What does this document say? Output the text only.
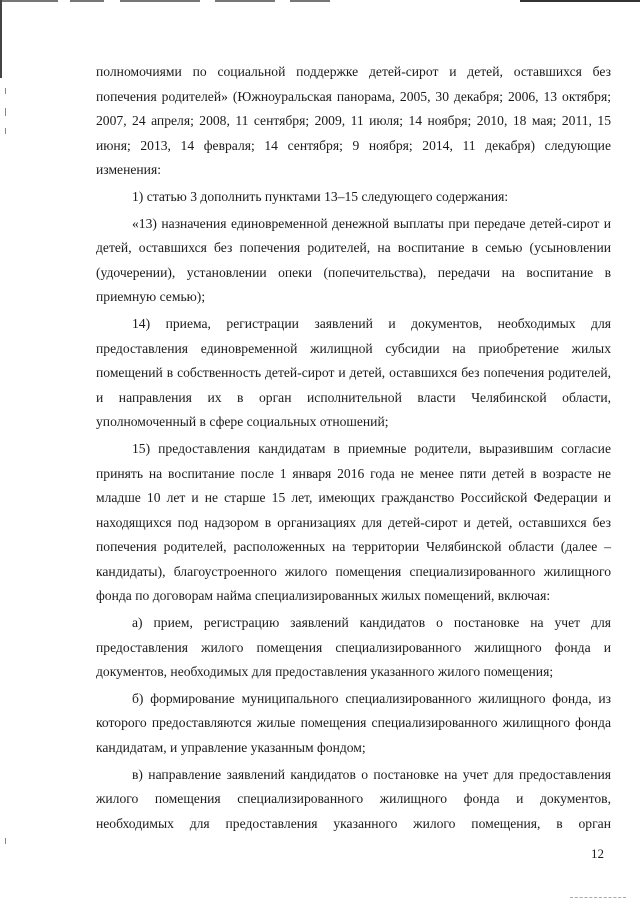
полномочиями по социальной поддержке детей-сирот и детей, оставшихся без попечения родителей» (Южноуральская панорама, 2005, 30 декабря; 2006, 13 октября; 2007, 24 апреля; 2008, 11 сентября; 2009, 11 июля; 14 ноября; 2010, 18 мая; 2011, 15 июня; 2013, 14 февраля; 14 сентября; 9 ноября; 2014, 11 декабря) следующие изменения:

1) статью 3 дополнить пунктами 13–15 следующего содержания:

«13) назначения единовременной денежной выплаты при передаче детей-сирот и детей, оставшихся без попечения родителей, на воспитание в семью (усыновлении (удочерении), установлении опеки (попечительства), передачи на воспитание в приемную семью);

14) приема, регистрации заявлений и документов, необходимых для предоставления единовременной жилищной субсидии на приобретение жилых помещений в собственность детей-сирот и детей, оставшихся без попечения родителей, и направления их в орган исполнительной власти Челябинской области, уполномоченный в сфере социальных отношений;

15) предоставления кандидатам в приемные родители, выразившим согласие принять на воспитание после 1 января 2016 года не менее пяти детей в возрасте не младше 10 лет и не старше 15 лет, имеющих гражданство Российской Федерации и находящихся под надзором в организациях для детей-сирот и детей, оставшихся без попечения родителей, расположенных на территории Челябинской области (далее – кандидаты), благоустроенного жилого помещения специализированного жилищного фонда по договорам найма специализированных жилых помещений, включая:

а) прием, регистрацию заявлений кандидатов о постановке на учет для предоставления жилого помещения специализированного жилищного фонда и документов, необходимых для предоставления указанного жилого помещения;

б) формирование муниципального специализированного жилищного фонда, из которого предоставляются жилые помещения специализированного жилищного фонда кандидатам, и управление указанным фондом;

в) направление заявлений кандидатов о постановке на учет для предоставления жилого помещения специализированного жилищного фонда и документов, необходимых для предоставления указанного жилого помещения, в орган

12
